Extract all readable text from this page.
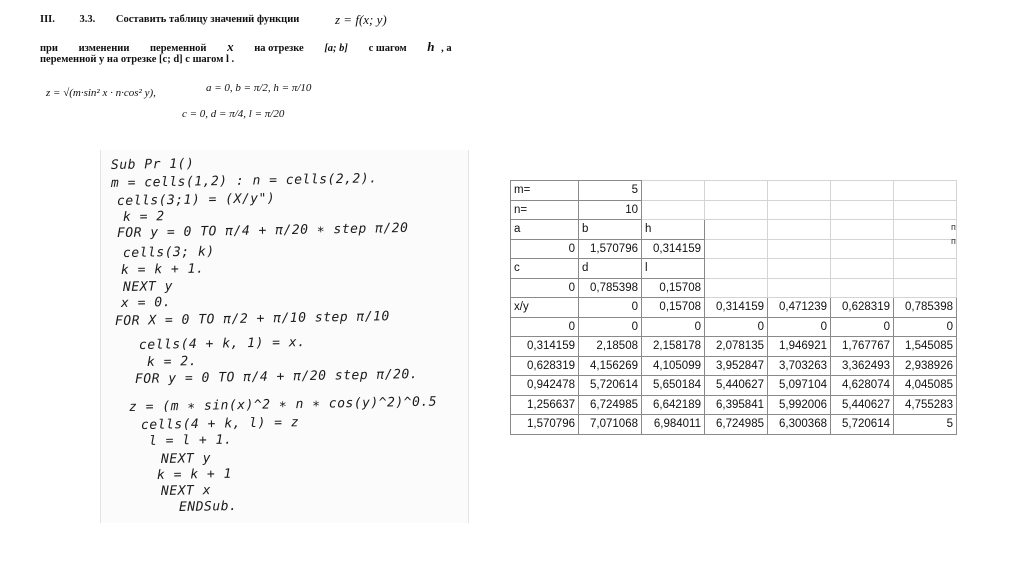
III. 3.3. Составить таблицу значений функции	z = f(x; y)
при изменении переменной x на отрезке [a; b] с шагом h , а
переменной y на отрезке [c; d] с шагом l .
z = √(m·sin² x · n·cos² y),	a = 0, b = π/2, h = π/10
c = 0, d = π/4, l = π/20
Sub Pr 1()
m = cells(1,2) : n = cells(2,2).
cells(3;1) = (X/y")
k = 2
FOR y = 0 TO π/4 + π/20 ∗ step π/20
cells(3; k)
k = k + 1.
NEXT y
x = 0.
FOR X = 0 TO π/2 + π/10 step π/10
cells(4 + k, 1) = x.
k = 2.
FOR y = 0 TO π/4 + π/20 step π/20.
z = (m ∗ sin(x)^2 ∗ n ∗ cos(y)^2)^0.5
cells(4 + k, l) = z
l = l + 1.
NEXT y
k = k + 1
NEXT x
ENDSub.
m=	5					
n=	10					
a	b	h				
0	1,570796	0,314159				
c	d	l				
0	0,785398	0,15708				
x/y	0	0,15708	0,314159	0,471239	0,628319	0,785398
0	0	0	0	0	0	0
0,314159	2,18508	2,158178	2,078135	1,946921	1,767767	1,545085
0,628319	4,156269	4,105099	3,952847	3,703263	3,362493	2,938926
0,942478	5,720614	5,650184	5,440627	5,097104	4,628074	4,045085
1,256637	6,724985	6,642189	6,395841	5,992006	5,440627	4,755283
1,570796	7,071068	6,984011	6,724985	6,300368	5,720614	5
п
п
